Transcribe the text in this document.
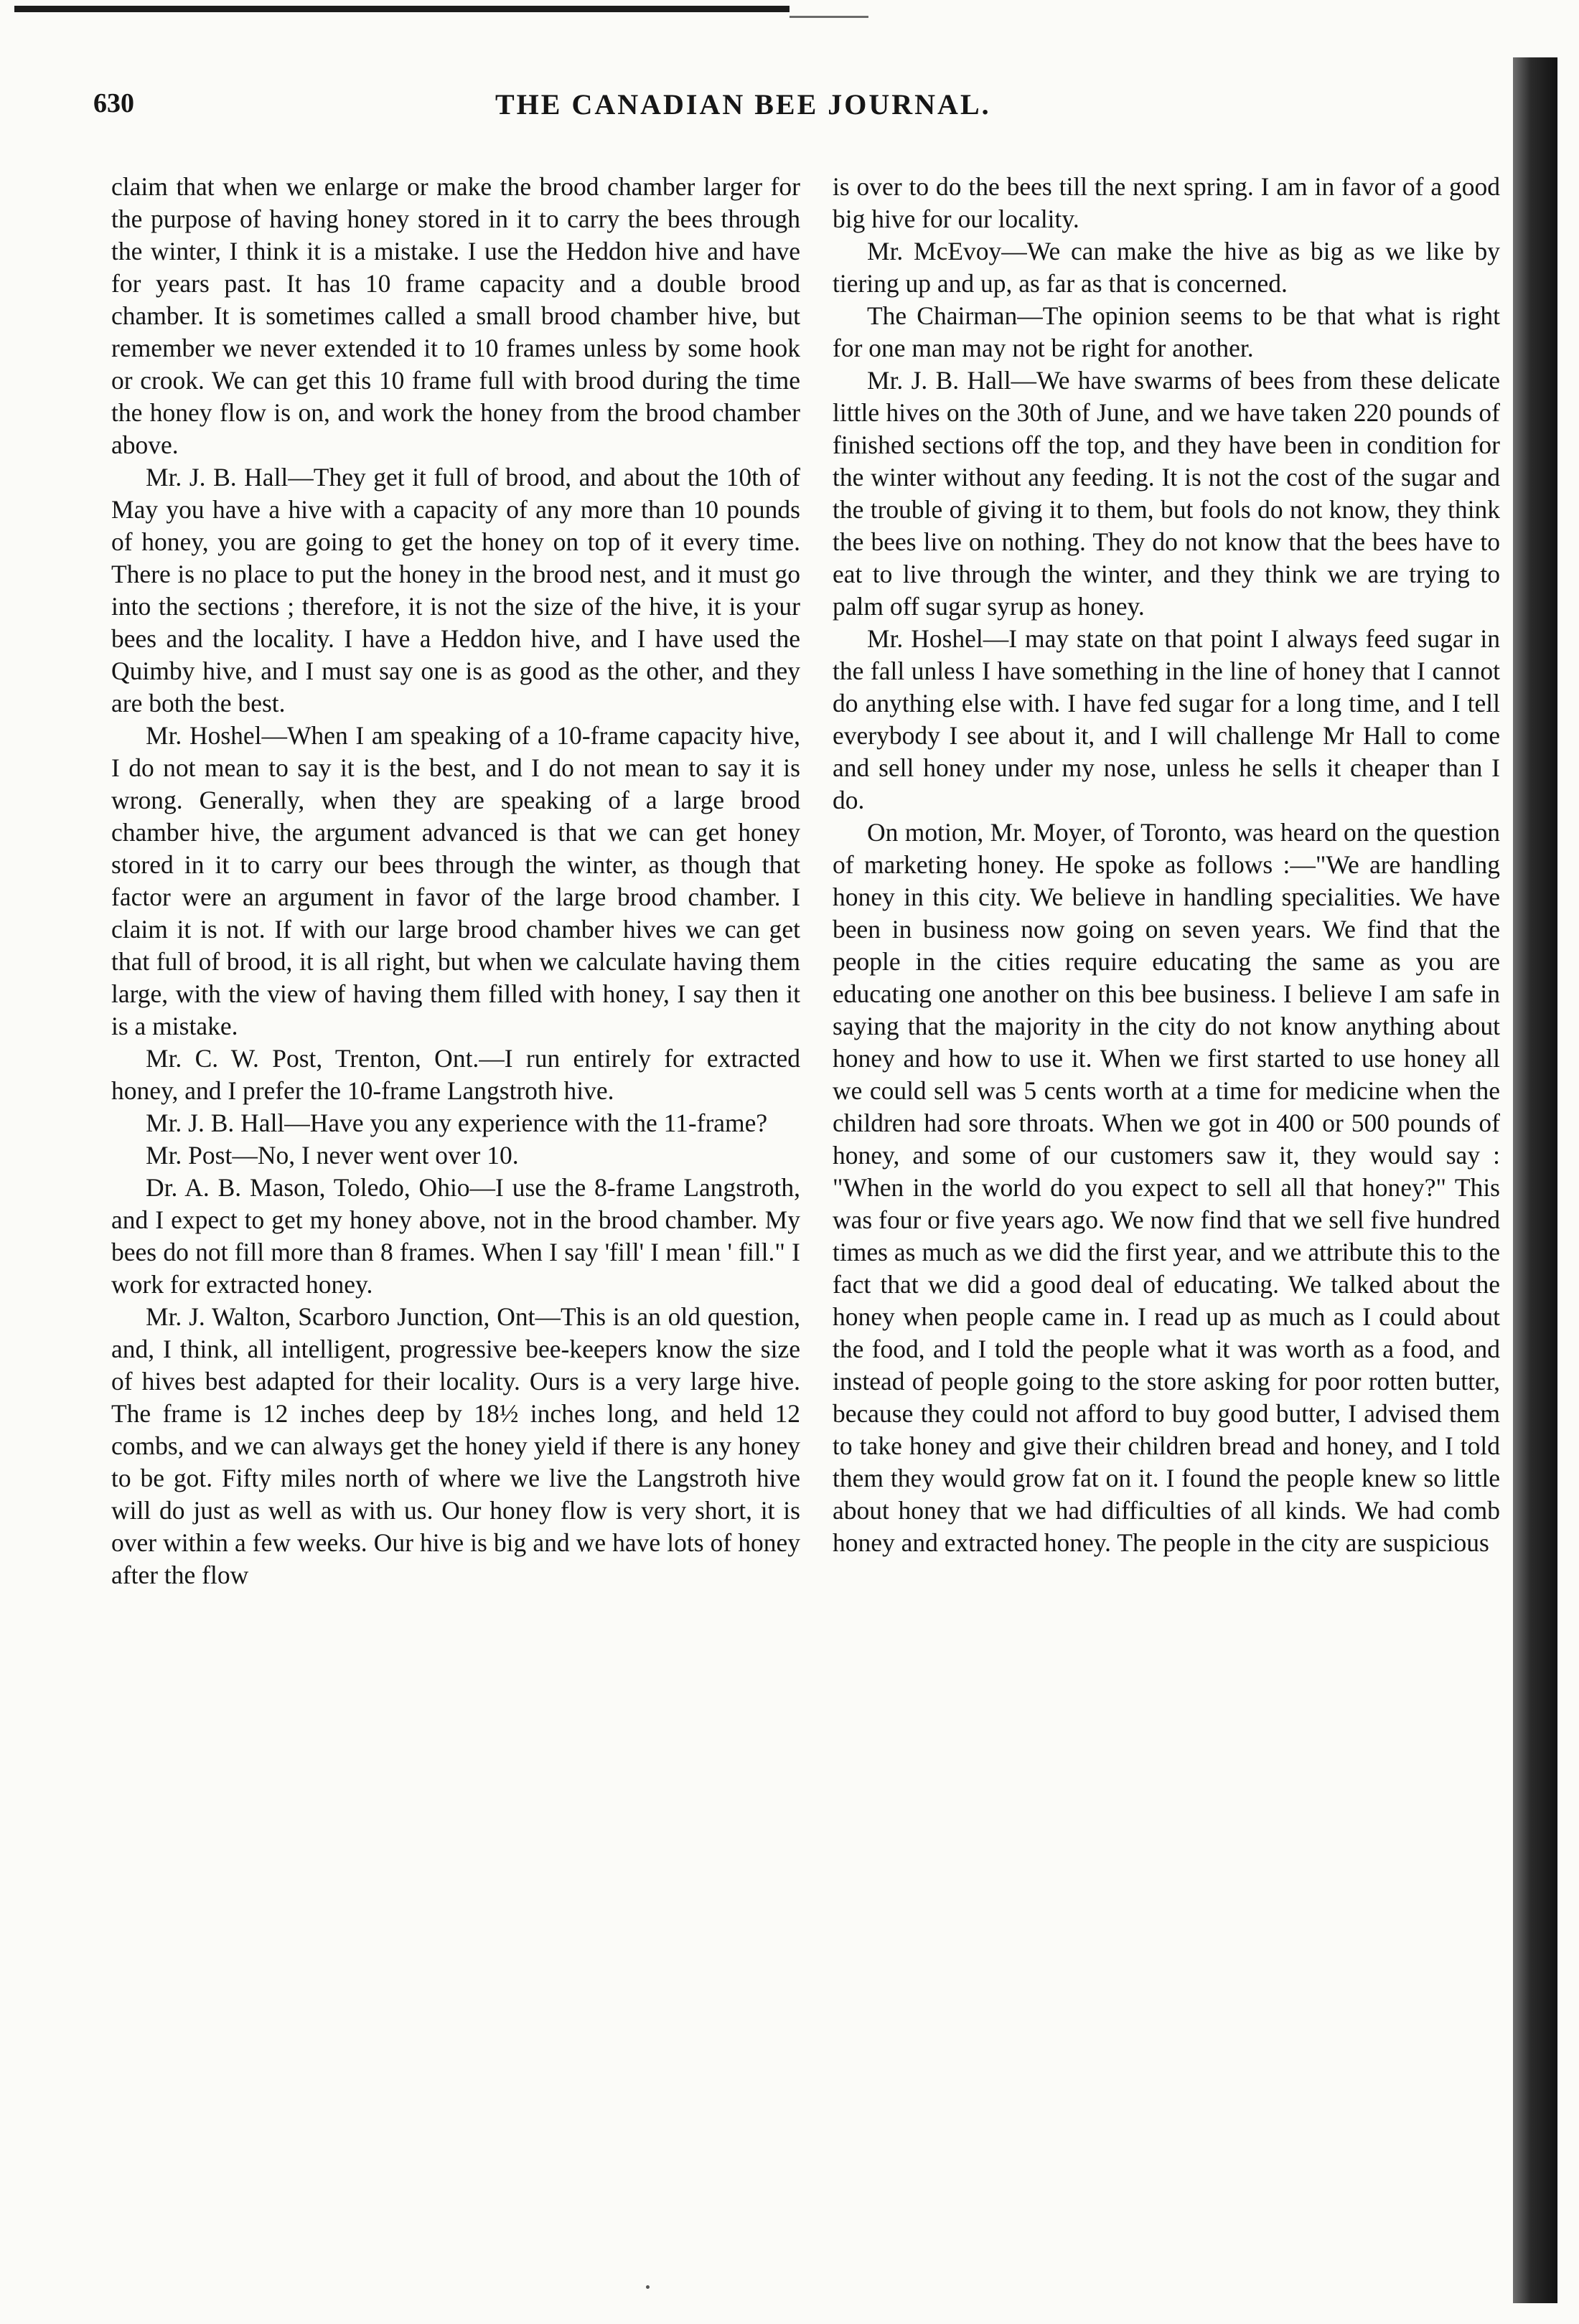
630	THE CANADIAN BEE JOURNAL.

claim that when we enlarge or make the brood chamber larger for the purpose of having honey stored in it to carry the bees through the winter, I think it is a mistake. I use the Heddon hive and have for years past. It has 10 frame capacity and a double brood chamber. It is sometimes called a small brood chamber hive, but remember we never extended it to 10 frames unless by some hook or crook. We can get this 10 frame full with brood during the time the honey flow is on, and work the honey from the brood chamber above.

Mr. J. B. Hall—They get it full of brood, and about the 10th of May you have a hive with a capacity of any more than 10 pounds of honey, you are going to get the honey on top of it every time. There is no place to put the honey in the brood nest, and it must go into the sections ; therefore, it is not the size of the hive, it is your bees and the locality. I have a Heddon hive, and I have used the Quimby hive, and I must say one is as good as the other, and they are both the best.

Mr. Hoshel—When I am speaking of a 10-frame capacity hive, I do not mean to say it is the best, and I do not mean to say it is wrong. Generally, when they are speaking of a large brood chamber hive, the argument advanced is that we can get honey stored in it to carry our bees through the winter, as though that factor were an argument in favor of the large brood chamber. I claim it is not. If with our large brood chamber hives we can get that full of brood, it is all right, but when we calculate having them large, with the view of having them filled with honey, I say then it is a mistake.

Mr. C. W. Post, Trenton, Ont.—I run entirely for extracted honey, and I prefer the 10-frame Langstroth hive.

Mr. J. B. Hall—Have you any experience with the 11-frame?

Mr. Post—No, I never went over 10.

Dr. A. B. Mason, Toledo, Ohio—I use the 8-frame Langstroth, and I expect to get my honey above, not in the brood chamber. My bees do not fill more than 8 frames. When I say 'fill' I mean ' fill." I work for extracted honey.

Mr. J. Walton, Scarboro Junction, Ont—This is an old question, and, I think, all intelligent, progressive bee-keepers know the size of hives best adapted for their locality. Ours is a very large hive. The frame is 12 inches deep by 18½ inches long, and held 12 combs, and we can always get the honey yield if there is any honey to be got. Fifty miles north of where we live the Langstroth hive will do just as well as with us. Our honey flow is very short, it is over within a few weeks. Our hive is big and we have lots of honey after the flow

is over to do the bees till the next spring. I am in favor of a good big hive for our locality.

Mr. McEvoy—We can make the hive as big as we like by tiering up and up, as far as that is concerned.

The Chairman—The opinion seems to be that what is right for one man may not be right for another.

Mr. J. B. Hall—We have swarms of bees from these delicate little hives on the 30th of June, and we have taken 220 pounds of finished sections off the top, and they have been in condition for the winter without any feeding. It is not the cost of the sugar and the trouble of giving it to them, but fools do not know, they think the bees live on nothing. They do not know that the bees have to eat to live through the winter, and they think we are trying to palm off sugar syrup as honey.

Mr. Hoshel—I may state on that point I always feed sugar in the fall unless I have something in the line of honey that I cannot do anything else with. I have fed sugar for a long time, and I tell everybody I see about it, and I will challenge Mr Hall to come and sell honey under my nose, unless he sells it cheaper than I do.

On motion, Mr. Moyer, of Toronto, was heard on the question of marketing honey. He spoke as follows :—"We are handling honey in this city. We believe in handling specialities. We have been in business now going on seven years. We find that the people in the cities require educating the same as you are educating one another on this bee business. I believe I am safe in saying that the majority in the city do not know anything about honey and how to use it. When we first started to use honey all we could sell was 5 cents worth at a time for medicine when the children had sore throats. When we got in 400 or 500 pounds of honey, and some of our customers saw it, they would say : "When in the world do you expect to sell all that honey?" This was four or five years ago. We now find that we sell five hundred times as much as we did the first year, and we attribute this to the fact that we did a good deal of educating. We talked about the honey when people came in. I read up as much as I could about the food, and I told the people what it was worth as a food, and instead of people going to the store asking for poor rotten butter, because they could not afford to buy good butter, I advised them to take honey and give their children bread and honey, and I told them they would grow fat on it. I found the people knew so little about honey that we had difficulties of all kinds. We had comb honey and extracted honey. The people in the city are suspicious
